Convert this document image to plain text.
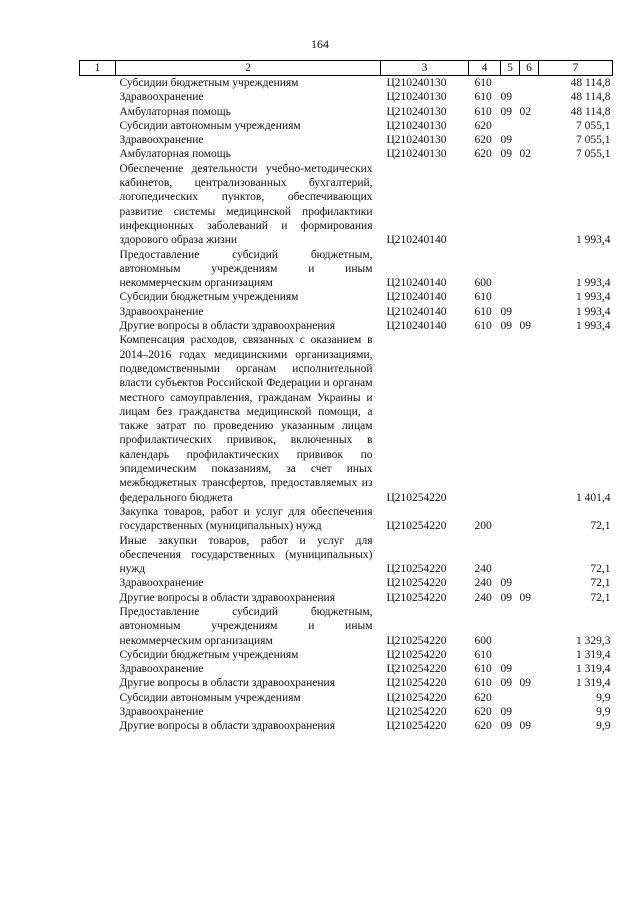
164
1	2	3	4	5	6	7
	Субсидии бюджетным учреждениям	Ц210240130	610			48 114,8
	Здравоохранение	Ц210240130	610	09		48 114,8
	Амбулаторная помощь	Ц210240130	610	09	02	48 114,8
	Субсидии автономным учреждениям	Ц210240130	620			7 055,1
	Здравоохранение	Ц210240130	620	09		7 055,1
	Амбулаторная помощь	Ц210240130	620	09	02	7 055,1
	Обеспечение деятельности учебно-методических кабинетов, централизованных бухгалтерий, логопедических пунктов, обеспечивающих развитие системы медицинской профилактики инфекционных заболеваний и формирования здорового образа жизни	Ц210240140				1 993,4
	Предоставление субсидий бюджетным, автономным учреждениям и иным некоммерческим организациям	Ц210240140	600			1 993,4
	Субсидии бюджетным учреждениям	Ц210240140	610			1 993,4
	Здравоохранение	Ц210240140	610	09		1 993,4
	Другие вопросы в области здравоохранения	Ц210240140	610	09	09	1 993,4
	Компенсация расходов, связанных с оказанием в 2014–2016 годах медицинскими организациями, подведомственными органам исполнительной власти субъектов Российской Федерации и органам местного самоуправления, гражданам Украины и лицам без гражданства медицинской помощи, а также затрат по проведению указанным лицам профилактических прививок, включенных в календарь профилактических прививок по эпидемическим показаниям, за счет иных межбюджетных трансфертов, предоставляемых из федерального бюджета	Ц210254220				1 401,4
	Закупка товаров, работ и услуг для обеспечения государственных (муниципальных) нужд	Ц210254220	200			72,1
	Иные закупки товаров, работ и услуг для обеспечения государственных (муниципальных) нужд	Ц210254220	240			72,1
	Здравоохранение	Ц210254220	240	09		72,1
	Другие вопросы в области здравоохранения	Ц210254220	240	09	09	72,1
	Предоставление субсидий бюджетным, автономным учреждениям и иным некоммерческим организациям	Ц210254220	600			1 329,3
	Субсидии бюджетным учреждениям	Ц210254220	610			1 319,4
	Здравоохранение	Ц210254220	610	09		1 319,4
	Другие вопросы в области здравоохранения	Ц210254220	610	09	09	1 319,4
	Субсидии автономным учреждениям	Ц210254220	620			9,9
	Здравоохранение	Ц210254220	620	09		9,9
	Другие вопросы в области здравоохранения	Ц210254220	620	09	09	9,9
